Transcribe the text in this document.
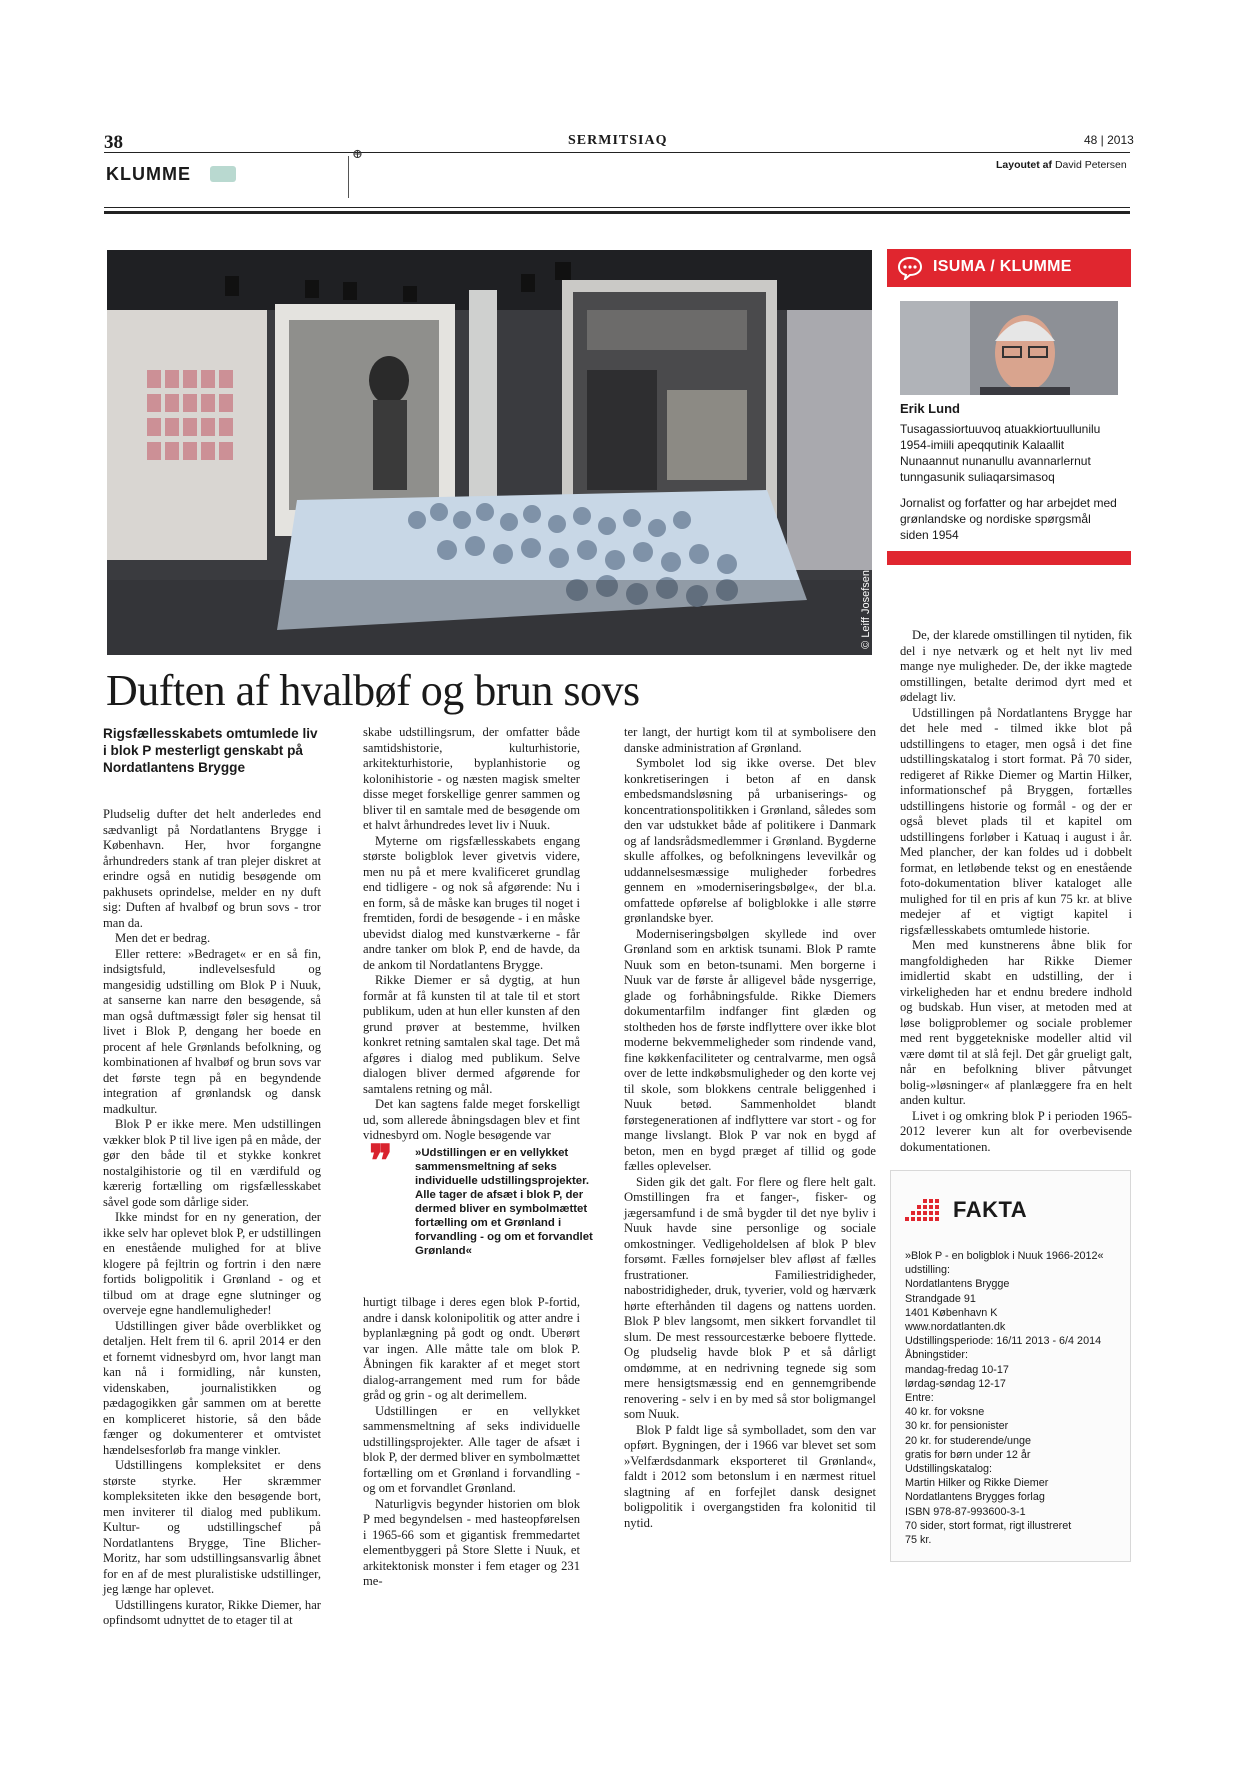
38	SERMITSIAQ	48 | 2013
KLUMME
⊕
Layoutet af David Petersen
© Leiff Josefsen
Duften af hvalbøf og brun sovs

Rigsfællesskabets omtumlede liv i blok P mesterligt genskabt på Nordatlantens Brygge

Pludselig dufter det helt anderledes end sædvanligt på Nordatlantens Brygge i København. Her, hvor forgangne århundreders stank af tran plejer diskret at erindre også en nutidig besøgende om pakhusets oprindelse, melder en ny duft sig: Duften af hvalbøf og brun sovs - tror man da.

Men det er bedrag.

Eller rettere: »Bedraget« er en så fin, indsigtsfuld, indlevelsesfuld og mangesidig udstilling om Blok P i Nuuk, at sanserne kan narre den besøgende, så man også duftmæssigt føler sig hensat til livet i Blok P, dengang her boede en procent af hele Grønlands befolkning, og kombinationen af hvalbøf og brun sovs var det første tegn på en begyndende integration af grønlandsk og dansk madkultur.

Blok P er ikke mere. Men udstillingen vækker blok P til live igen på en måde, der gør den både til et stykke konkret nostalgihistorie og til en værdifuld og kærerig fortælling om rigsfællesskabet såvel gode som dårlige sider.

Ikke mindst for en ny generation, der ikke selv har oplevet blok P, er udstillingen en enestående mulighed for at blive klogere på fejltrin og fortrin i den nære fortids boligpolitik i Grønland - og et tilbud om at drage egne slutninger og overveje egne handlemuligheder!

Udstillingen giver både overblikket og detaljen. Helt frem til 6. april 2014 er den et fornemt vidnesbyrd om, hvor langt man kan nå i formidling, når kunsten, videnskaben, journalistikken og pædagogikken går sammen om at berette en kompliceret historie, så den både fænger og dokumenterer et omtvistet hændelsesforløb fra mange vinkler.

Udstillingens kompleksitet er dens største styrke. Her skræmmer kompleksiteten ikke den besøgende bort, men inviterer til dialog med publikum. Kultur- og udstillingschef på Nordatlantens Brygge, Tine Blicher-Moritz, har som udstillingsansvarlig åbnet for en af de mest pluralistiske udstillinger, jeg længe har oplevet.

Udstillingens kurator, Rikke Diemer, har opfindsomt udnyttet de to etager til at

skabe udstillingsrum, der omfatter både samtidshistorie, kulturhistorie, arkitekturhistorie, byplanhistorie og kolonihistorie - og næsten magisk smelter disse meget forskellige genrer sammen og bliver til en samtale med de besøgende om et halvt århundredes levet liv i Nuuk.

Myterne om rigsfællesskabets engang største boligblok lever givetvis videre, men nu på et mere kvalificeret grundlag end tidligere - og nok så afgørende: Nu i en form, så de måske kan bruges til noget i fremtiden, fordi de besøgende - i en måske ubevidst dialog med kunstværkerne - får andre tanker om blok P, end de havde, da de ankom til Nordatlantens Brygge.

Rikke Diemer er så dygtig, at hun formår at få kunsten til at tale til et stort publikum, uden at hun eller kunsten af den grund prøver at bestemme, hvilken konkret retning samtalen skal tage. Det må afgøres i dialog med publikum. Selve dialogen bliver dermed afgørende for samtalens retning og mål.

Det kan sagtens falde meget forskelligt ud, som allerede åbningsdagen blev et fint vidnesbyrd om. Nogle besøgende var

❞	»Udstillingen er en vellykket sammensmeltning af seks individuelle udstillingsprojekter. Alle tager de afsæt i blok P, der dermed bliver en symbolmættet fortælling om et Grønland i forvandling - og om et forvandlet Grønland«

hurtigt tilbage i deres egen blok P-fortid, andre i dansk kolonipolitik og atter andre i byplanlægning på godt og ondt. Uberørt var ingen. Alle måtte tale om blok P. Åbningen fik karakter af et meget stort dialog-arrangement med rum for både gråd og grin - og alt derimellem.

Udstillingen er en vellykket sammensmeltning af seks individuelle udstillingsprojekter. Alle tager de afsæt i blok P, der dermed bliver en symbolmættet fortælling om et Grønland i forvandling - og om et forvandlet Grønland.

Naturligvis begynder historien om blok P med begyndelsen - med hasteopførelsen i 1965-66 som et gigantisk fremmedartet elementbyggeri på Store Slette i Nuuk, et arkitektonisk monster i fem etager og 231 me-

ter langt, der hurtigt kom til at symbolisere den danske administration af Grønland.

Symbolet lod sig ikke overse. Det blev konkretiseringen i beton af en dansk embedsmandsløsning på urbaniserings- og koncentrationspolitikken i Grønland, således som den var udstukket både af politikere i Danmark og af landsrådsmedlemmer i Grønland. Bygderne skulle affolkes, og befolkningens levevilkår og uddannelsesmæssige muligheder forbedres gennem en »moderniseringsbølge«, der bl.a. omfattede opførelse af boligblokke i alle større grønlandske byer.

Moderniseringsbølgen skyllede ind over Grønland som en arktisk tsunami. Blok P ramte Nuuk som en beton-tsunami. Men borgerne i Nuuk var de første år alligevel både nysgerrige, glade og forhåbningsfulde. Rikke Diemers dokumentarfilm indfanger fint glæden og stoltheden hos de første indflyttere over ikke blot moderne bekvemmeligheder som rindende vand, fine køkkenfaciliteter og centralvarme, men også over de lette indkøbsmuligheder og den korte vej til skole, som blokkens centrale beliggenhed i Nuuk betød. Sammenholdet blandt førstegenerationen af indflyttere var stort - og for mange livslangt. Blok P var nok en bygd af beton, men en bygd præget af tillid og gode fælles oplevelser.

Siden gik det galt. For flere og flere helt galt. Omstillingen fra et fanger-, fisker- og jægersamfund i de små bygder til det nye byliv i Nuuk havde sine personlige og sociale omkostninger. Vedligeholdelsen af blok P blev forsømt. Fælles fornøjelser blev afløst af fælles frustrationer. Familiestridigheder, nabostridigheder, druk, tyverier, vold og hærværk hørte efterhånden til dagens og nattens uorden. Blok P blev langsomt, men sikkert forvandlet til slum. De mest ressourcestærke beboere flyttede. Og pludselig havde blok P et så dårligt omdømme, at en nedrivning tegnede sig som mere hensigtsmæssig end en gennemgribende renovering - selv i en by med så stor boligmangel som Nuuk.

Blok P faldt lige så symbolladet, som den var opført. Bygningen, der i 1966 var blevet set som »Velfærdsdanmark eksporteret til Grønland«, faldt i 2012 som betonslum i en nærmest rituel slagtning af en forfejlet dansk designet boligpolitik i overgangstiden fra kolonitid til nytid.

De, der klarede omstillingen til nytiden, fik del i nye netværk og et helt nyt liv med mange nye muligheder. De, der ikke magtede omstillingen, betalte derimod dyrt med et ødelagt liv.

Udstillingen på Nordatlantens Brygge har det hele med - tilmed ikke blot på udstillingens to etager, men også i det fine udstillingskatalog i stort format. På 70 sider, redigeret af Rikke Diemer og Martin Hilker, informationschef på Bryggen, fortælles udstillingens historie og formål - og der er også blevet plads til et kapitel om udstillingens forløber i Katuaq i august i år. Med plancher, der kan foldes ud i dobbelt format, en letløbende tekst og en enestående foto-dokumentation bliver kataloget alle mulighed for til en pris af kun 75 kr. at blive medejer af et vigtigt kapitel i rigsfællesskabets omtumlede historie.

Men med kunstnerens åbne blik for mangfoldigheden har Rikke Diemer imidlertid skabt en udstilling, der i virkeligheden har et endnu bredere indhold og budskab. Hun viser, at metoden med at løse boligproblemer og sociale problemer med rent byggetekniske modeller altid vil være dømt til at slå fejl. Det går grueligt galt, når en befolkning bliver påtvunget bolig-»løsninger« af planlæggere fra en helt anden kultur.

Livet i og omkring blok P i perioden 1965-2012 leverer kun alt for overbevisende dokumentationen.

ISUMA / KLUMME
Erik Lund
Tusagassiortuuvoq atuakkiortuullunilu 1954-imiili apeqqutinik Kalaallit Nunaannut nunanullu avannarlernut tunngasunik suliaqarsimasoq
Jornalist og forfatter og har arbejdet med grønlandske og nordiske spørgsmål siden 1954
FAKTA
»Blok P - en boligblok i Nuuk 1966-2012«
udstilling:
Nordatlantens Brygge
Strandgade 91
1401 København K
www.nordatlanten.dk
Udstillingsperiode: 16/11 2013 - 6/4 2014
Åbningstider:
mandag-fredag 10-17
lørdag-søndag 12-17
Entre:
40 kr. for voksne
30 kr. for pensionister
20 kr. for studerende/unge
gratis for børn under 12 år
Udstillingskatalog:
Martin Hilker og Rikke Diemer
Nordatlantens Brygges forlag
ISBN 978-87-993600-3-1
70 sider, stort format, rigt illustreret
75 kr.
